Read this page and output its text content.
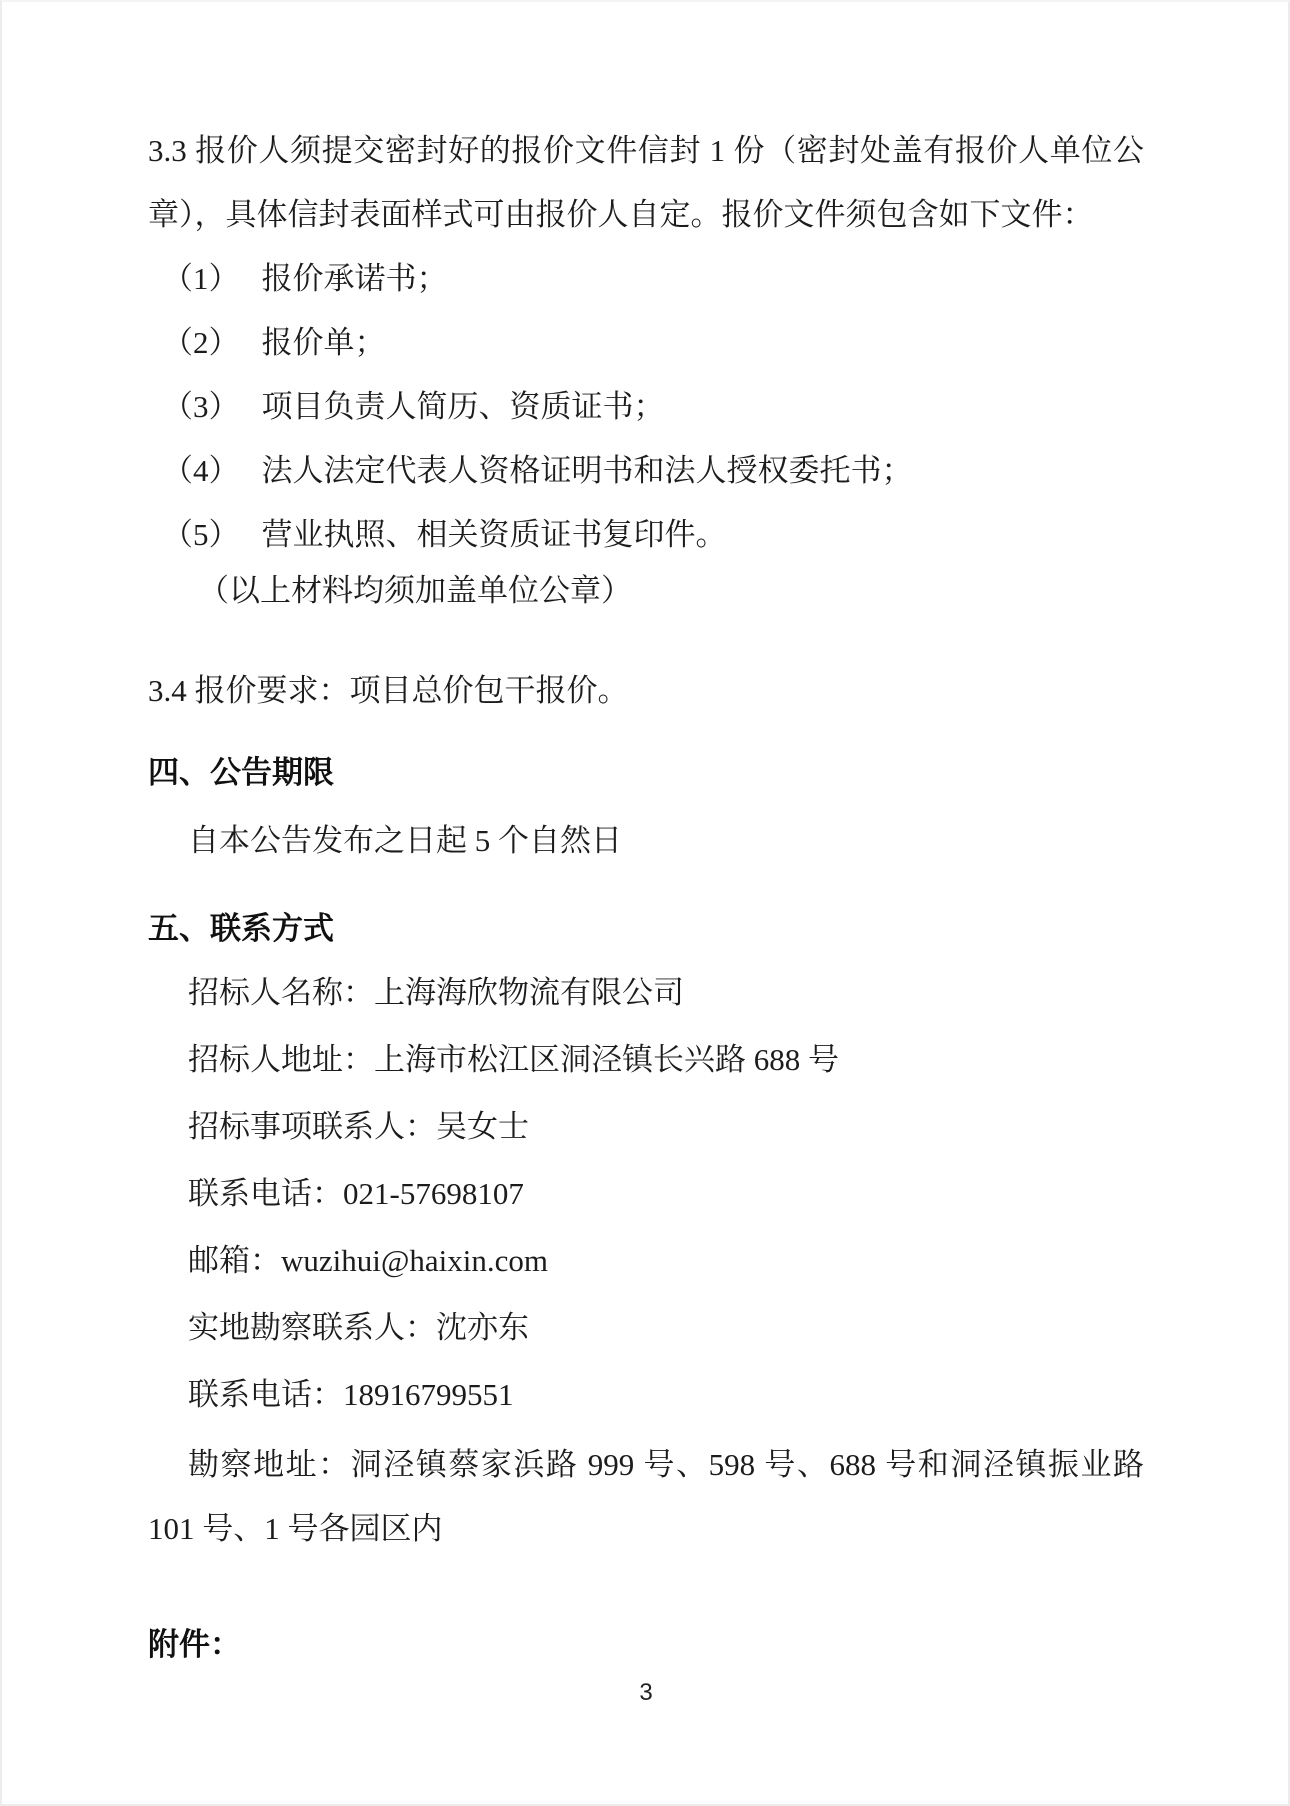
3.3 报价人须提交密封好的报价文件信封 1 份（密封处盖有报价人单位公章），具体信封表面样式可由报价人自定。报价文件须包含如下文件：

（1） 报价承诺书；
（2） 报价单；
（3） 项目负责人简历、资质证书；
（4） 法人法定代表人资格证明书和法人授权委托书；
（5） 营业执照、相关资质证书复印件。

（以上材料均须加盖单位公章）

3.4 报价要求：项目总价包干报价。

四、公告期限

自本公告发布之日起 5 个自然日

五、联系方式

招标人名称：上海海欣物流有限公司

招标人地址：上海市松江区洞泾镇长兴路 688 号

招标事项联系人：吴女士

联系电话：021-57698107

邮箱：wuzihui@haixin.com

实地勘察联系人：沈亦东

联系电话：18916799551

勘察地址：洞泾镇蔡家浜路 999 号、598 号、688 号和洞泾镇振业路 101 号、1 号各园区内

附件：
3
